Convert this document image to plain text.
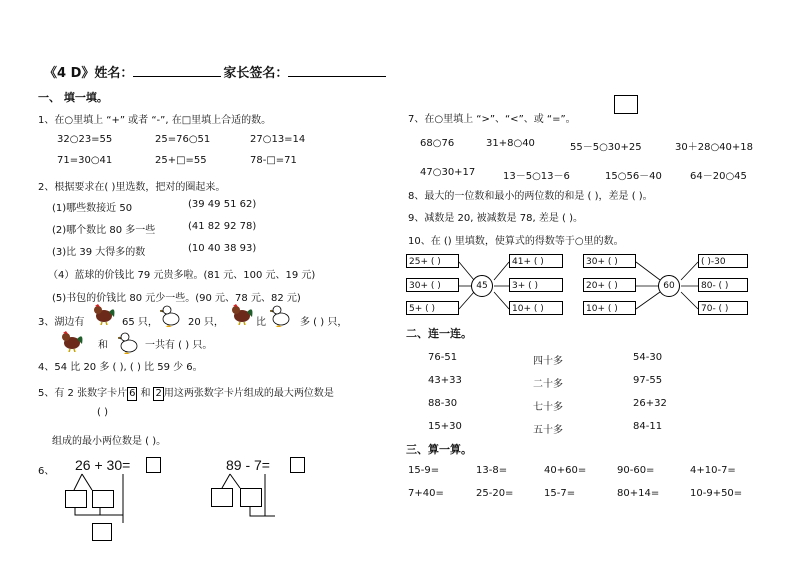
《4 D》姓名：	家长签名：
一、 填一填。
1、在○里填上 “+” 或者 “-”, 在□里填上合适的数。
32○23=55	25=76○51	27○13=14
71=30○41	25+□=55	78-□=71
2、根据要求在( )里选数，把对的圈起来。
(1)哪些数接近 50	(39 49 51 62)
(2)哪个数比 80 多一些	(41 82 92 78)
(3)比 39 大得多的数	(10 40 38 93)
（4）蓝球的价钱比 79 元贵多啦。(81 元、100 元、19 元)
(5)书包的价钱比 80 元少一些。(90 元、78 元、82 元)
3、湖边有	65 只，	20 只，	比	多 ( ) 只，
和	一共有 ( ) 只。
4、54 比 20 多 ( ), ( ) 比 59 少 6。
5、有 2 张数字卡片 6 和 2 用这两张数字卡片组成的最大两位数是
( )
组成的最小两位数是 ( )。
6、 26 + 30=	89 - 7=
7、在○里填上 “>”、“<”、或 “=”。
68○76	31+8○40	55－5○30+25	30＋28○40+18
47○30+17	13－5○13－6	15○56－40	64－20○45
8、最大的一位数和最小的两位数的和是 ( )，差是 ( )。
9、减数是 20, 被减数是 78, 差是 ( )。
10、在 () 里填数，使算式的得数等于○里的数。
25+ ( )
30+ ( )
5+ ( )
45
41+ ( )
3+ ( )
10+ ( )
30+ ( )
20+ ( )
10+ ( )
60
( )-30
80- ( )
70- ( )
二、连一连。
76-51
43+33
88-30
15+30
四十多
二十多
七十多
五十多
54-30
97-55
26+32
84-11
三、算一算。
15-9=	13-8=	40+60=	90-60=	4+10-7=
7+40=	25-20=	15-7=	80+14=	10-9+50=
